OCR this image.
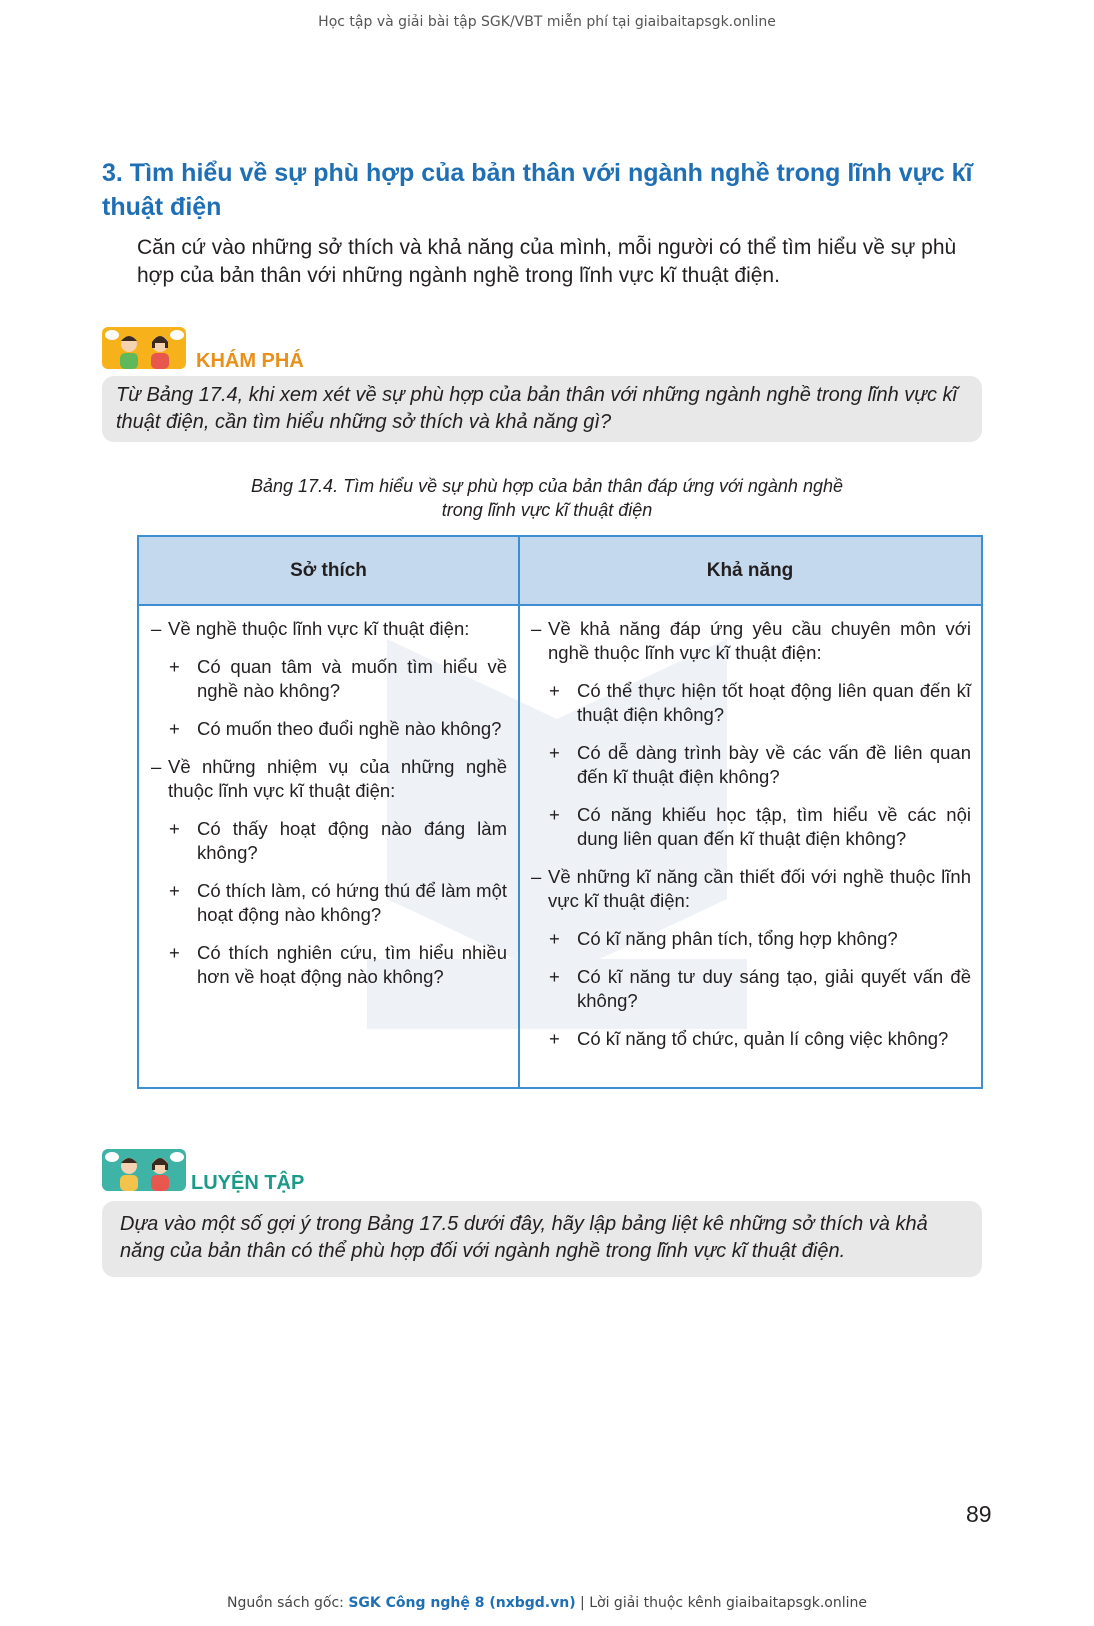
Học tập và giải bài tập SGK/VBT miễn phí tại giaibaitapsgk.online
3. Tìm hiểu về sự phù hợp của bản thân với ngành nghề trong lĩnh vực kĩ thuật điện
Căn cứ vào những sở thích và khả năng của mình, mỗi người có thể tìm hiểu về sự phù hợp của bản thân với những ngành nghề trong lĩnh vực kĩ thuật điện.
KHÁM PHÁ
Từ Bảng 17.4, khi xem xét về sự phù hợp của bản thân với những ngành nghề trong lĩnh vực kĩ thuật điện, cần tìm hiểu những sở thích và khả năng gì?
Bảng 17.4. Tìm hiểu về sự phù hợp của bản thân đáp ứng với ngành nghề
trong lĩnh vực kĩ thuật điện
Sở thích	Khả năng

– Về nghề thuộc lĩnh vực kĩ thuật điện:

+ Có quan tâm và muốn tìm hiểu về nghề nào không?

+ Có muốn theo đuổi nghề nào không?

– Về những nhiệm vụ của những nghề thuộc lĩnh vực kĩ thuật điện:

+ Có thấy hoạt động nào đáng làm không?

+ Có thích làm, có hứng thú để làm một hoạt động nào không?

+ Có thích nghiên cứu, tìm hiểu nhiều hơn về hoạt động nào không?

– Về khả năng đáp ứng yêu cầu chuyên môn với nghề thuộc lĩnh vực kĩ thuật điện:

+ Có thể thực hiện tốt hoạt động liên quan đến kĩ thuật điện không?

+ Có dễ dàng trình bày về các vấn đề liên quan đến kĩ thuật điện không?

+ Có năng khiếu học tập, tìm hiểu về các nội dung liên quan đến kĩ thuật điện không?

– Về những kĩ năng cần thiết đối với nghề thuộc lĩnh vực kĩ thuật điện:

+ Có kĩ năng phân tích, tổng hợp không?

+ Có kĩ năng tư duy sáng tạo, giải quyết vấn đề không?

+ Có kĩ năng tổ chức, quản lí công việc không?

LUYỆN TẬP
Dựa vào một số gợi ý trong Bảng 17.5 dưới đây, hãy lập bảng liệt kê những sở thích và khả năng của bản thân có thể phù hợp đối với ngành nghề trong lĩnh vực kĩ thuật điện.
89
Nguồn sách gốc: SGK Công nghệ 8 (nxbgd.vn) | Lời giải thuộc kênh giaibaitapsgk.online
